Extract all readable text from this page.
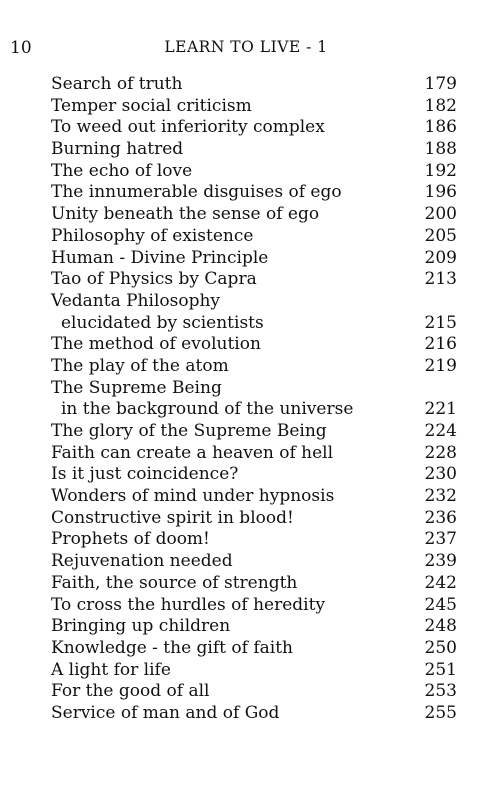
10	LEARN TO LIVE - 1
Search of truth	179
Temper social criticism	182
To weed out inferiority complex	186
Burning hatred	188
The echo of love	192
The innumerable disguises of ego	196
Unity beneath the sense of ego	200
Philosophy of existence	205
Human - Divine Principle	209
Tao of Physics by Capra	213
Vedanta Philosophy
elucidated by scientists	215
The method of evolution	216
The play of the atom	219
The Supreme Being
in the background of the universe	221
The glory of the Supreme Being	224
Faith can create a heaven of hell	228
Is it just coincidence?	230
Wonders of mind under hypnosis	232
Constructive spirit in blood!	236
Prophets of doom!	237
Rejuvenation needed	239
Faith, the source of strength	242
To cross the hurdles of heredity	245
Bringing up children	248
Knowledge - the gift of faith	250
A light for life	251
For the good of all	253
Service of man and of God	255
